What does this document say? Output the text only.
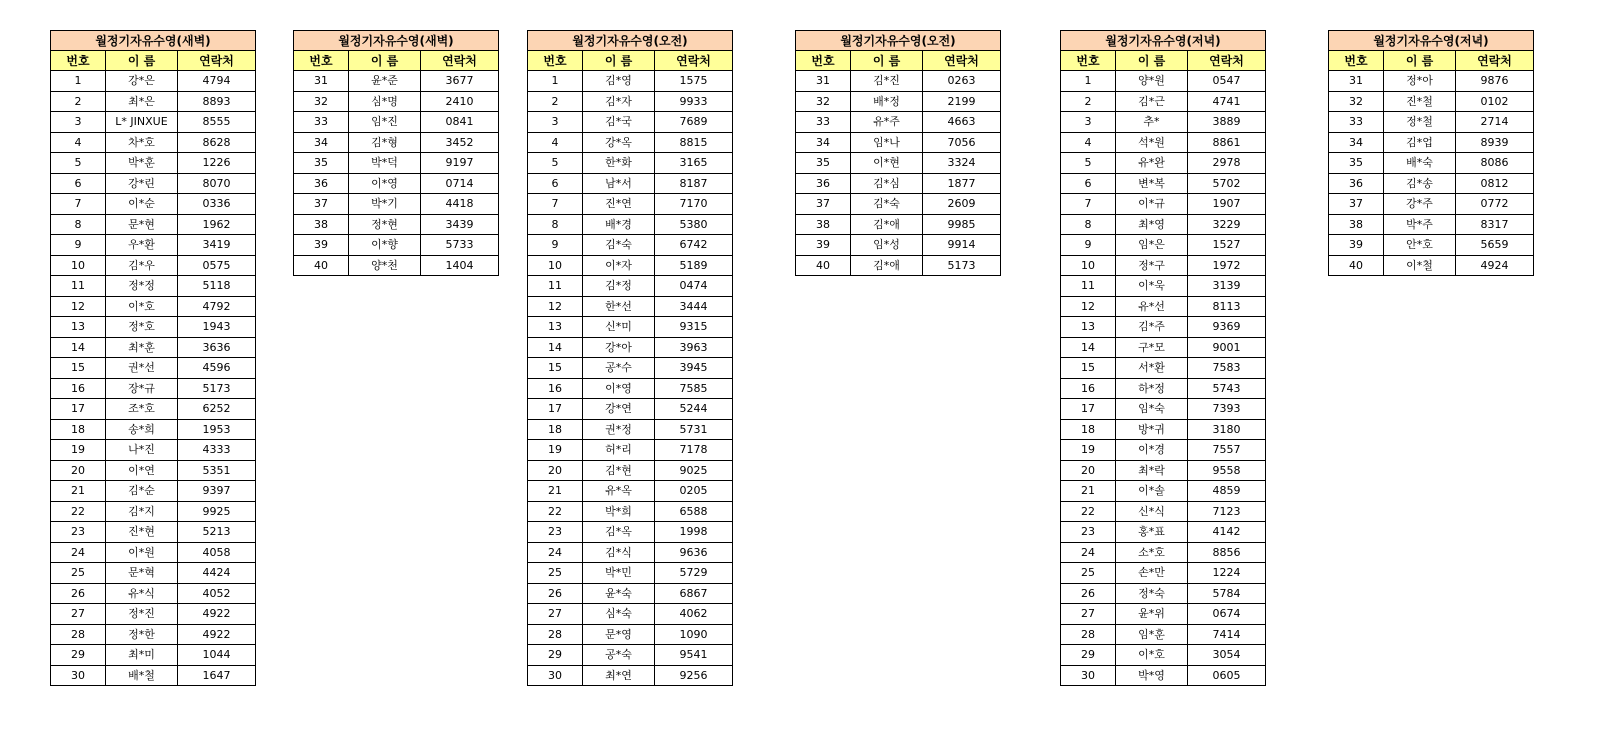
월정기자유수영(새벽)		
번호	이 름	연락처
1	강*은	4794
2	최*은	8893
3	L* JINXUE	8555
4	차*호	8628
5	박*훈	1226
6	강*린	8070
7	이*순	0336
8	문*현	1962
9	우*환	3419
10	김*우	0575
11	정*정	5118
12	이*호	4792
13	정*호	1943
14	최*훈	3636
15	권*선	4596
16	장*규	5173
17	조*호	6252
18	송*희	1953
19	나*진	4333
20	이*연	5351
21	김*순	9397
22	김*지	9925
23	진*현	5213
24	이*원	4058
25	문*혁	4424
26	유*식	4052
27	정*진	4922
28	정*한	4922
29	최*미	1044
30	배*철	1647
월정기자유수영(새벽)		
번호	이 름	연락처
31	윤*준	3677
32	심*명	2410
33	임*진	0841
34	김*형	3452
35	박*덕	9197
36	이*영	0714
37	박*기	4418
38	정*현	3439
39	이*향	5733
40	양*천	1404
월정기자유수영(오전)		
번호	이 름	연락처
1	김*영	1575
2	김*자	9933
3	김*국	7689
4	강*옥	8815
5	한*화	3165
6	남*서	8187
7	진*연	7170
8	배*경	5380
9	김*숙	6742
10	이*자	5189
11	김*정	0474
12	한*선	3444
13	신*미	9315
14	강*아	3963
15	공*수	3945
16	이*영	7585
17	강*연	5244
18	권*정	5731
19	허*리	7178
20	김*현	9025
21	유*옥	0205
22	박*희	6588
23	김*옥	1998
24	김*식	9636
25	박*민	5729
26	윤*숙	6867
27	심*숙	4062
28	문*영	1090
29	공*숙	9541
30	최*연	9256
월정기자유수영(오전)		
번호	이 름	연락처
31	김*진	0263
32	배*정	2199
33	유*주	4663
34	임*나	7056
35	이*현	3324
36	김*심	1877
37	김*숙	2609
38	김*애	9985
39	임*성	9914
40	김*애	5173
월정기자유수영(저녁)		
번호	이 름	연락처
1	양*원	0547
2	김*근	4741
3	추*	3889
4	석*원	8861
5	유*완	2978
6	변*복	5702
7	이*규	1907
8	최*영	3229
9	임*은	1527
10	정*구	1972
11	이*욱	3139
12	유*선	8113
13	김*주	9369
14	구*모	9001
15	서*환	7583
16	하*정	5743
17	임*숙	7393
18	방*귀	3180
19	이*경	7557
20	최*락	9558
21	이*솔	4859
22	신*식	7123
23	홍*표	4142
24	소*호	8856
25	손*만	1224
26	정*숙	5784
27	윤*위	0674
28	임*훈	7414
29	이*호	3054
30	박*영	0605
월정기자유수영(저녁)		
번호	이 름	연락처
31	정*아	9876
32	진*철	0102
33	정*철	2714
34	김*업	8939
35	배*숙	8086
36	김*송	0812
37	강*주	0772
38	박*주	8317
39	안*호	5659
40	이*철	4924
